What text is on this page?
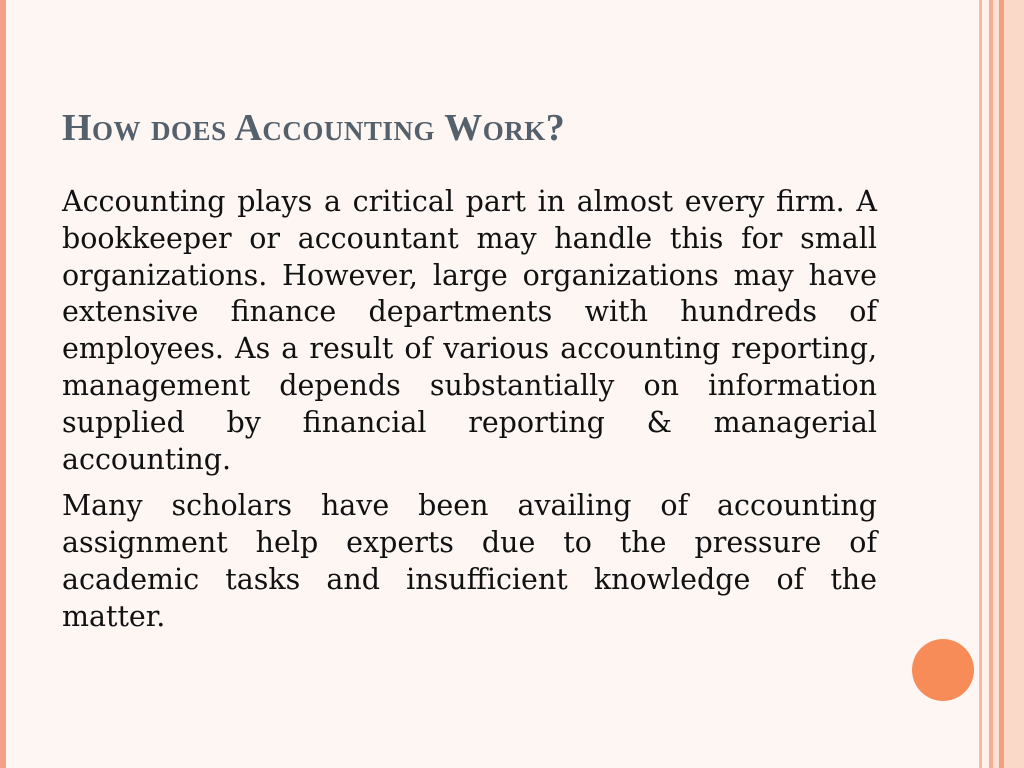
How does Accounting Work?

Accounting plays a critical part in almost every firm. A bookkeeper or accountant may handle this for small organizations. However, large organizations may have extensive finance departments with hundreds of employees. As a result of various accounting reporting, management depends substantially on information supplied by financial reporting & managerial accounting.

Many scholars have been availing of accounting assignment help experts due to the pressure of academic tasks and insufficient knowledge of the matter.
